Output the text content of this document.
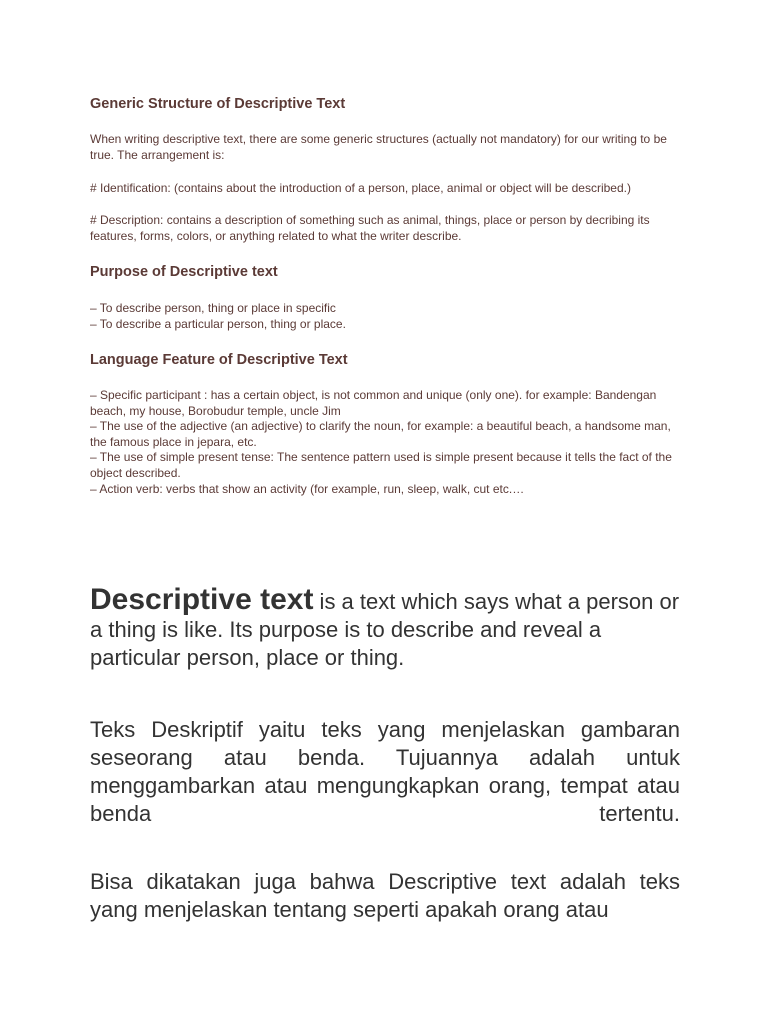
Generic Structure of Descriptive Text

When writing descriptive text, there are some generic structures (actually not mandatory) for our writing to be true. The arrangement is:

# Identification: (contains about the introduction of a person, place, animal or object will be described.)

# Description: contains a description of something such as animal, things, place or person by decribing its features, forms, colors, or anything related to what the writer describe.

Purpose of Descriptive text

– To describe person, thing or place in specific

– To describe a particular person, thing or place.

Language Feature of Descriptive Text

– Specific participant : has a certain object, is not common and unique (only one). for example: Bandengan beach, my house, Borobudur temple, uncle Jim

– The use of the adjective (an adjective) to clarify the noun, for example: a beautiful beach, a handsome man, the famous place in jepara, etc.

– The use of simple present tense: The sentence pattern used is simple present because it tells the fact of the object described.

– Action verb: verbs that show an activity (for example, run, sleep, walk, cut etc.…

Descriptive text is a text which says what a person or a thing is like. Its purpose is to describe and reveal a particular person, place or thing.

Teks Deskriptif yaitu teks yang menjelaskan gambaran seseorang atau benda. Tujuannya adalah untuk menggambarkan atau mengungkapkan orang, tempat atau benda tertentu.

Bisa dikatakan juga bahwa Descriptive text adalah teks yang menjelaskan tentang seperti apakah orang atau
